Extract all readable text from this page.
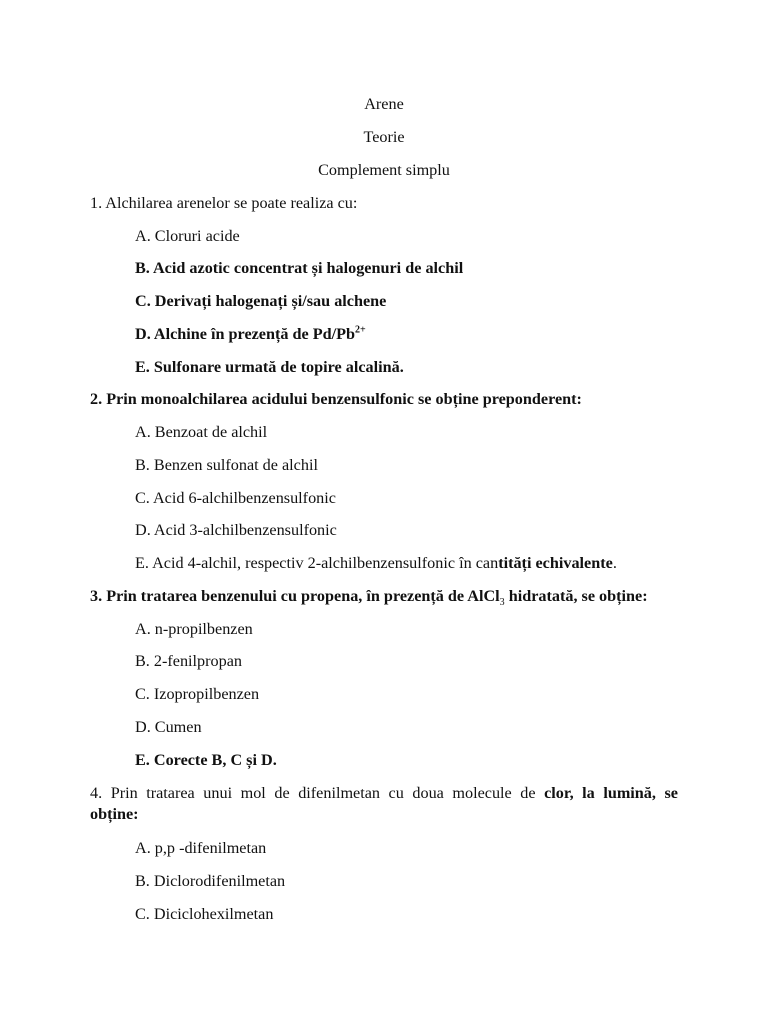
Arene
Teorie
Complement simplu
1. Alchilarea arenelor se poate realiza cu:
A. Cloruri acide
B. Acid azotic concentrat și halogenuri de alchil
C. Derivați halogenați și/sau alchene
D. Alchine în prezență de $Pd/Pb^{2+}$
E. Sulfonare urmată de topire alcalină.
2. Prin monoalchilarea acidului benzensulfonic se obține preponderent:
A. Benzoat de alchil
B. Benzen sulfonat de alchil
C. Acid 6-alchilbenzensulfonic
D. Acid 3-alchilbenzensulfonic
E. Acid 4-alchil, respectiv 2-alchilbenzensulfonic în cantități echivalente.
3. Prin tratarea benzenului cu propena, în prezență de AlCl$_3$ hidratată, se obține:
A. n-propilbenzen
B. 2-fenilpropan
C. Izopropilbenzen
D. Cumen
E. Corecte B, C și D.
4. Prin tratarea unui mol de difenilmetan cu doua molecule de clor, la lumină, se
obține:
A. p,p -difenilmetan
B. Diclorodifenilmetan
C. Diciclohexilmetan
